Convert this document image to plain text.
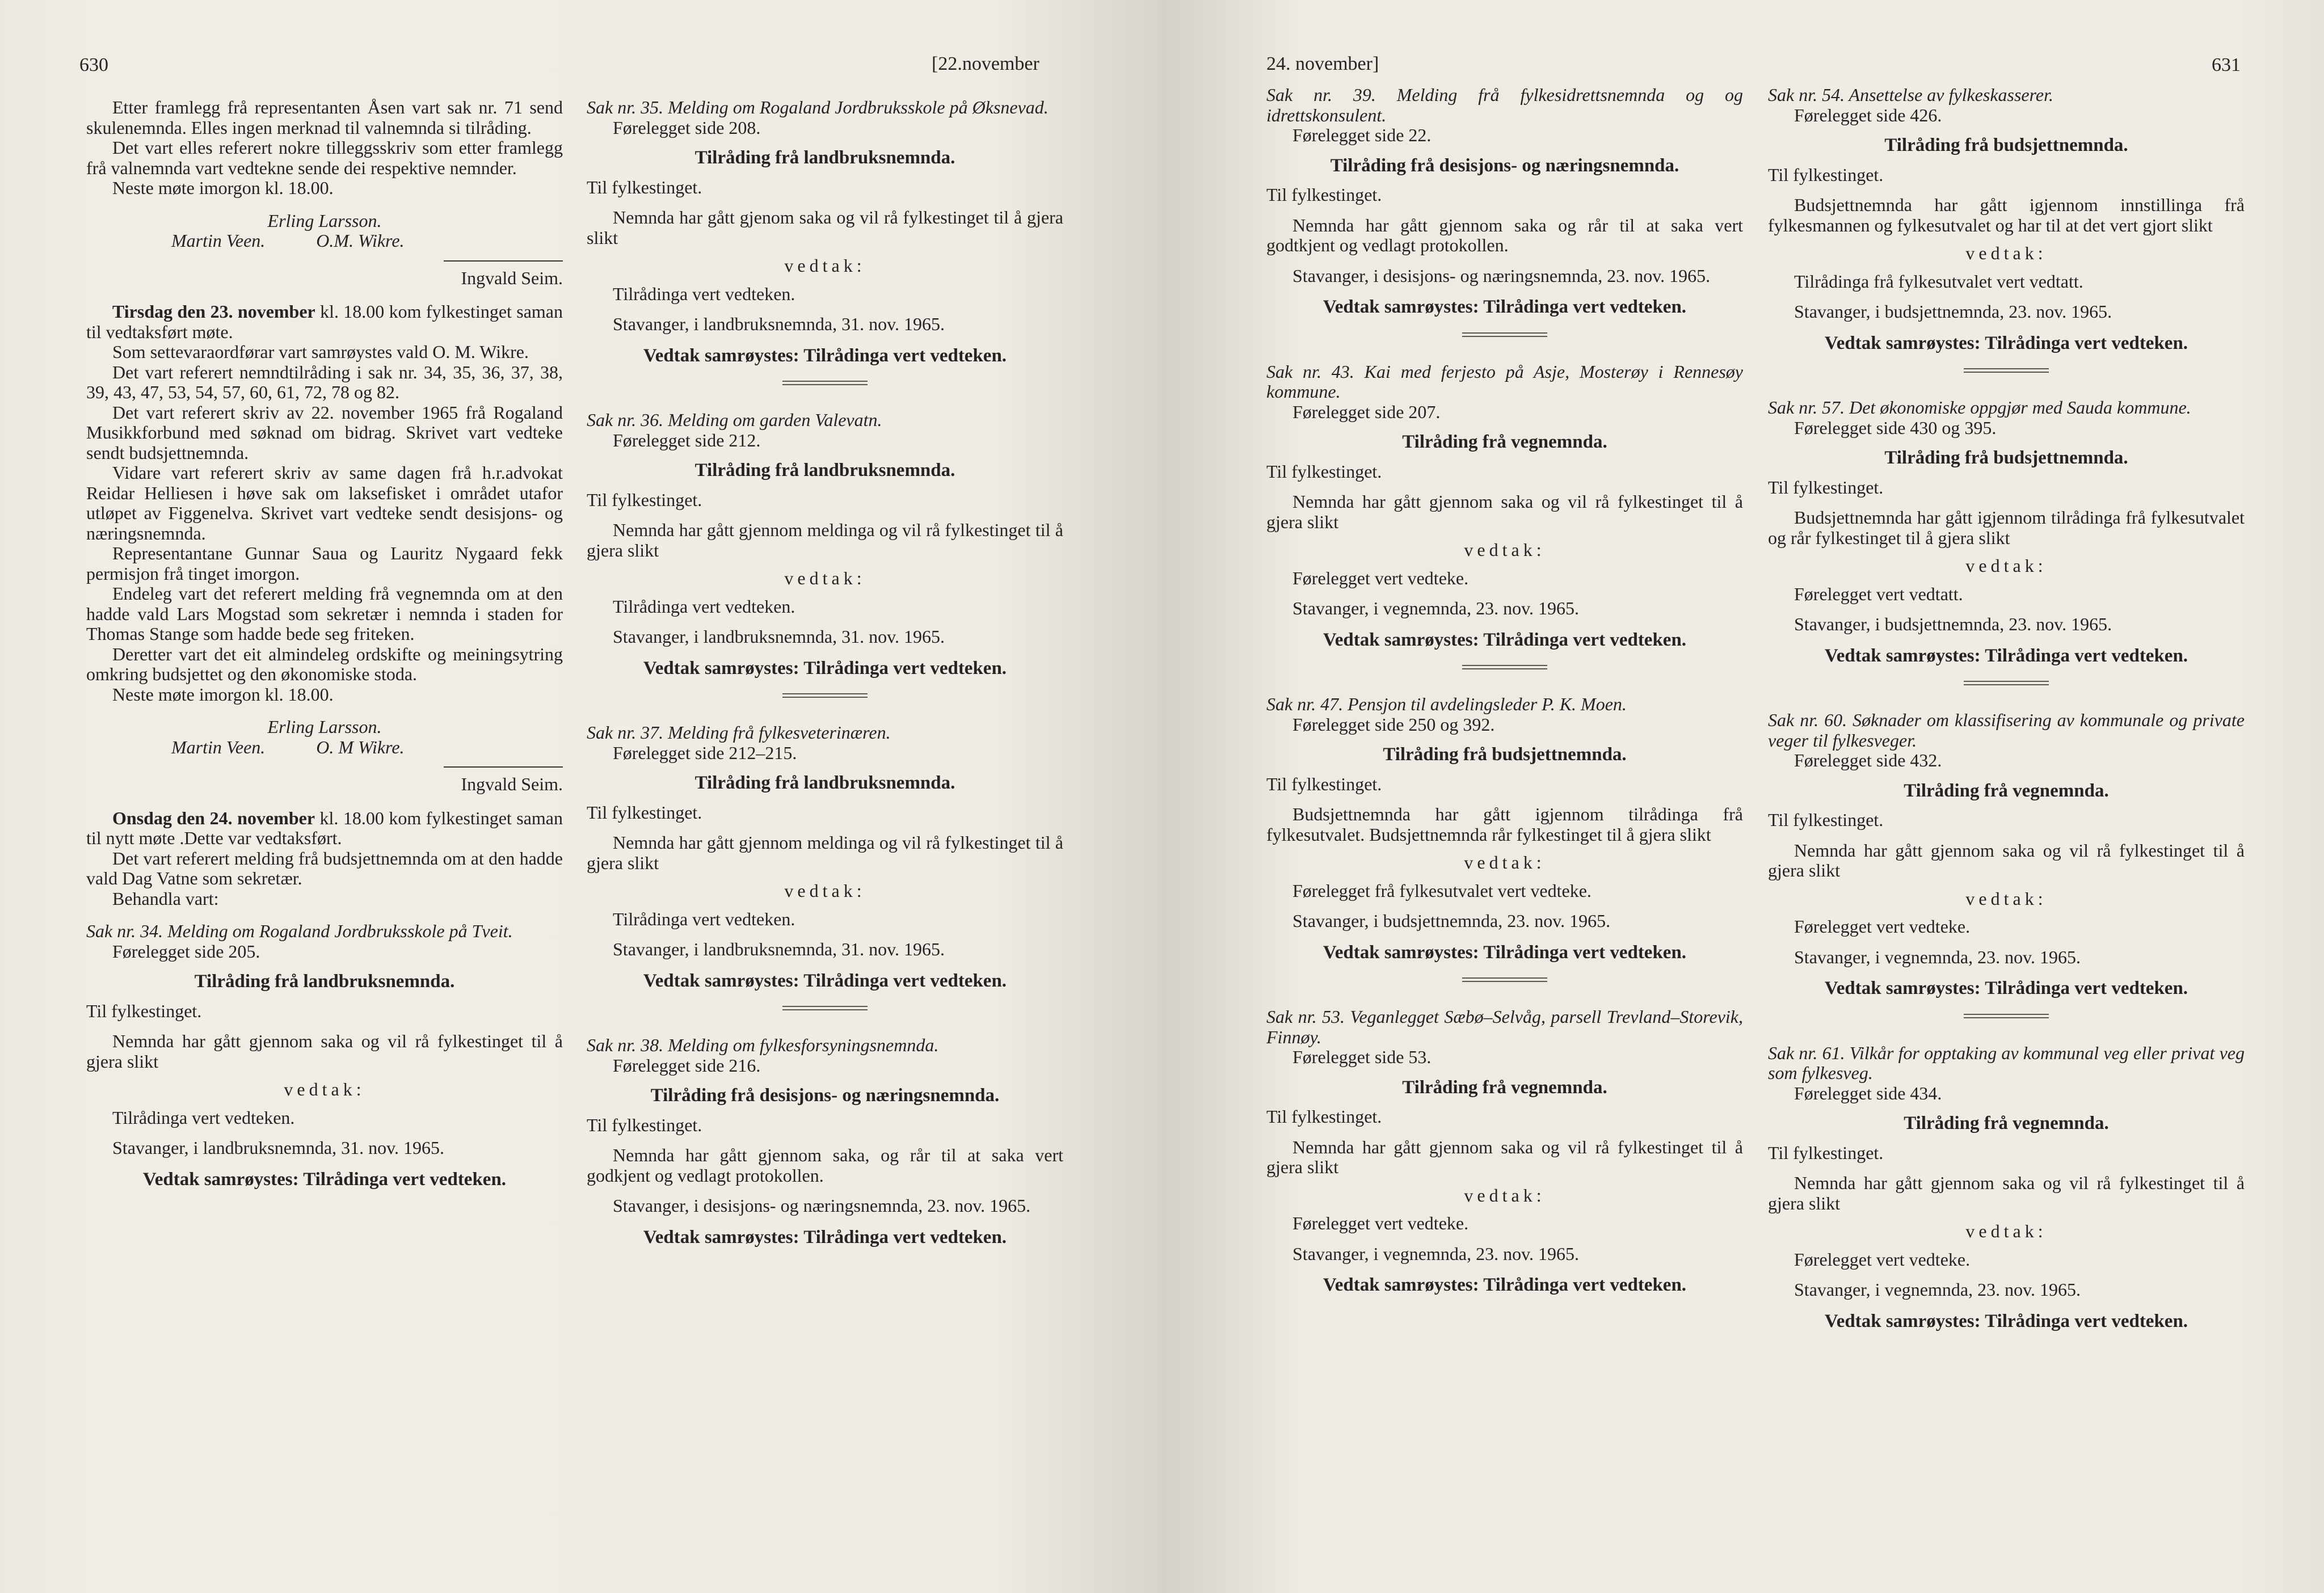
630	[22.november

Etter framlegg frå representanten Åsen vart sak nr. 71 send skulenemnda. Elles ingen merknad til valnemnda si tilråding.

Det vart elles referert nokre tilleggsskriv som etter framlegg frå valnemnda vart vedtekne sende dei respektive nemnder.

Neste møte imorgon kl. 18.00.

Erling Larsson.

Martin Veen.	O.M. Wikre.

Ingvald Seim.

Tirsdag den 23. november kl. 18.00 kom fylkestinget saman til vedtaksført møte.

Som settevaraordførar vart samrøystes vald O. M. Wikre.

Det vart referert nemndtilråding i sak nr. 34, 35, 36, 37, 38, 39, 43, 47, 53, 54, 57, 60, 61, 72, 78 og 82.

Det vart referert skriv av 22. november 1965 frå Rogaland Musikkforbund med søknad om bidrag. Skrivet vart vedteke sendt budsjettnemnda.

Vidare vart referert skriv av same dagen frå h.r.advokat Reidar Helliesen i høve sak om laksefisket i området utafor utløpet av Figgenelva. Skrivet vart vedteke sendt desisjons- og næringsnemnda.

Representantane Gunnar Saua og Lauritz Nygaard fekk permisjon frå tinget imorgon.

Endeleg vart det referert melding frå vegnemnda om at den hadde vald Lars Mogstad som sekretær i nemnda i staden for Thomas Stange som hadde bede seg friteken.

Deretter vart det eit almindeleg ordskifte og meiningsytring omkring budsjettet og den økonomiske stoda.

Neste møte imorgon kl. 18.00.

Erling Larsson.

Martin Veen.	O. M Wikre.

Ingvald Seim.

Onsdag den 24. november kl. 18.00 kom fylkestinget saman til nytt møte .Dette var vedtaksført.

Det vart referert melding frå budsjettnemnda om at den hadde vald Dag Vatne som sekretær.

Behandla vart:

Sak nr. 34. Melding om Rogaland Jordbruksskole på Tveit.

Førelegget side 205.

Tilråding frå landbruksnemnda.

Til fylkestinget.

Nemnda har gått gjennom saka og vil rå fylkestinget til å gjera slikt

vedtak:

Tilrådinga vert vedteken.

Stavanger, i landbruksnemnda, 31. nov. 1965.

Vedtak samrøystes: Tilrådinga vert vedteken.

Sak nr. 35. Melding om Rogaland Jordbruksskole på Øksnevad.

Førelegget side 208.

Tilråding frå landbruksnemnda.

Til fylkestinget.

Nemnda har gått gjenom saka og vil rå fylkestinget til å gjera slikt

vedtak:

Tilrådinga vert vedteken.

Stavanger, i landbruksnemnda, 31. nov. 1965.

Vedtak samrøystes: Tilrådinga vert vedteken.

Sak nr. 36. Melding om garden Valevatn.

Førelegget side 212.

Tilråding frå landbruksnemnda.

Til fylkestinget.

Nemnda har gått gjennom meldinga og vil rå fylkestinget til å gjera slikt

vedtak:

Tilrådinga vert vedteken.

Stavanger, i landbruksnemnda, 31. nov. 1965.

Vedtak samrøystes: Tilrådinga vert vedteken.

Sak nr. 37. Melding frå fylkesveterinæren.

Førelegget side 212–215.

Tilråding frå landbruksnemnda.

Til fylkestinget.

Nemnda har gått gjennom meldinga og vil rå fylkestinget til å gjera slikt

vedtak:

Tilrådinga vert vedteken.

Stavanger, i landbruksnemnda, 31. nov. 1965.

Vedtak samrøystes: Tilrådinga vert vedteken.

Sak nr. 38. Melding om fylkesforsyningsnemnda.

Førelegget side 216.

Tilråding frå desisjons- og næringsnemnda.

Til fylkestinget.

Nemnda har gått gjennom saka, og rår til at saka vert godkjent og vedlagt protokollen.

Stavanger, i desisjons- og næringsnemnda, 23. nov. 1965.

Vedtak samrøystes: Tilrådinga vert vedteken.

24. november]	631

Sak nr. 39. Melding frå fylkesidrettsnemnda og og idrettskonsulent.

Førelegget side 22.

Tilråding frå desisjons- og næringsnemnda.

Til fylkestinget.

Nemnda har gått gjennom saka og rår til at saka vert godtkjent og vedlagt protokollen.

Stavanger, i desisjons- og næringsnemnda, 23. nov. 1965.

Vedtak samrøystes: Tilrådinga vert vedteken.

Sak nr. 43. Kai med ferjesto på Asje, Mosterøy i Rennesøy kommune.

Førelegget side 207.

Tilråding frå vegnemnda.

Til fylkestinget.

Nemnda har gått gjennom saka og vil rå fylkestinget til å gjera slikt

vedtak:

Førelegget vert vedteke.

Stavanger, i vegnemnda, 23. nov. 1965.

Vedtak samrøystes: Tilrådinga vert vedteken.

Sak nr. 47. Pensjon til avdelingsleder P. K. Moen.

Førelegget side 250 og 392.

Tilråding frå budsjettnemnda.

Til fylkestinget.

Budsjettnemnda har gått igjennom tilrådinga frå fylkesutvalet. Budsjettnemnda rår fylkestinget til å gjera slikt

vedtak:

Førelegget frå fylkesutvalet vert vedteke.

Stavanger, i budsjettnemnda, 23. nov. 1965.

Vedtak samrøystes: Tilrådinga vert vedteken.

Sak nr. 53. Veganlegget Sæbø–Selvåg, parsell Trevland–Storevik, Finnøy.

Førelegget side 53.

Tilråding frå vegnemnda.

Til fylkestinget.

Nemnda har gått gjennom saka og vil rå fylkestinget til å gjera slikt

vedtak:

Førelegget vert vedteke.

Stavanger, i vegnemnda, 23. nov. 1965.

Vedtak samrøystes: Tilrådinga vert vedteken.

Sak nr. 54. Ansettelse av fylkeskasserer.

Førelegget side 426.

Tilråding frå budsjettnemnda.

Til fylkestinget.

Budsjettnemnda har gått igjennom innstillinga frå fylkesmannen og fylkesutvalet og har til at det vert gjort slikt

vedtak:

Tilrådinga frå fylkesutvalet vert vedtatt.

Stavanger, i budsjettnemnda, 23. nov. 1965.

Vedtak samrøystes: Tilrådinga vert vedteken.

Sak nr. 57. Det økonomiske oppgjør med Sauda kommune.

Førelegget side 430 og 395.

Tilråding frå budsjettnemnda.

Til fylkestinget.

Budsjettnemnda har gått igjennom tilrådinga frå fylkesutvalet og rår fylkestinget til å gjera slikt

vedtak:

Førelegget vert vedtatt.

Stavanger, i budsjettnemnda, 23. nov. 1965.

Vedtak samrøystes: Tilrådinga vert vedteken.

Sak nr. 60. Søknader om klassifisering av kommunale og private veger til fylkesveger.

Førelegget side 432.

Tilråding frå vegnemnda.

Til fylkestinget.

Nemnda har gått gjennom saka og vil rå fylkestinget til å gjera slikt

vedtak:

Førelegget vert vedteke.

Stavanger, i vegnemnda, 23. nov. 1965.

Vedtak samrøystes: Tilrådinga vert vedteken.

Sak nr. 61. Vilkår for opptaking av kommunal veg eller privat veg som fylkesveg.

Førelegget side 434.

Tilråding frå vegnemnda.

Til fylkestinget.

Nemnda har gått gjennom saka og vil rå fylkestinget til å gjera slikt

vedtak:

Førelegget vert vedteke.

Stavanger, i vegnemnda, 23. nov. 1965.

Vedtak samrøystes: Tilrådinga vert vedteken.
